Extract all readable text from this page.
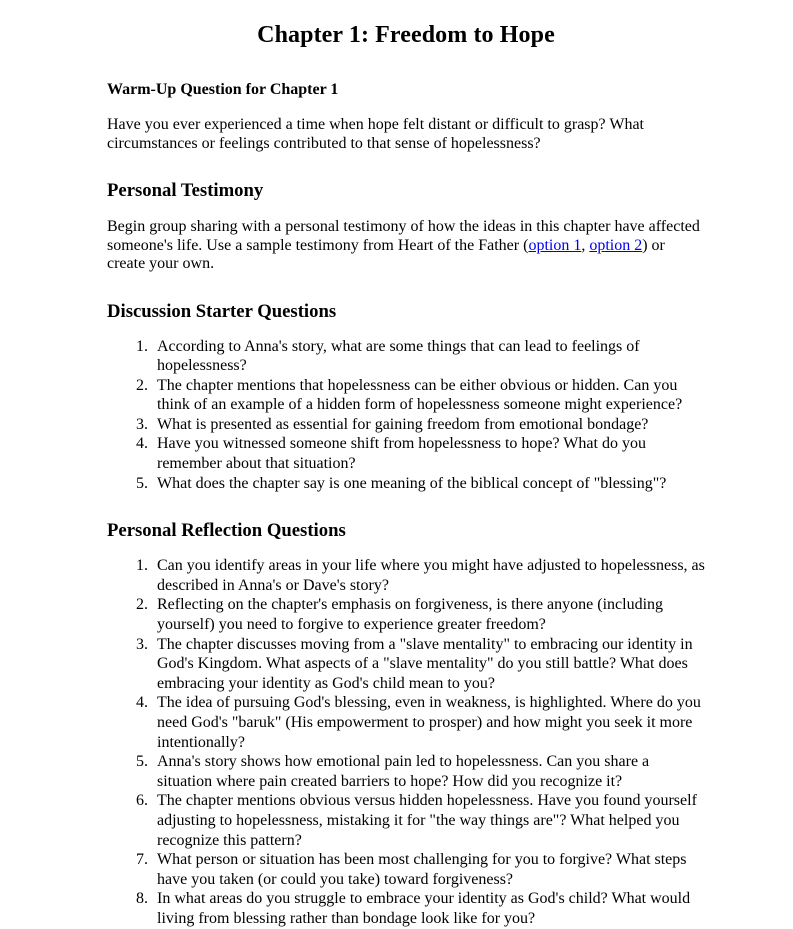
Chapter 1: Freedom to Hope
Warm-Up Question for Chapter 1

Have you ever experienced a time when hope felt distant or difficult to grasp? What circumstances or feelings contributed to that sense of hopelessness?

Personal Testimony

Begin group sharing with a personal testimony of how the ideas in this chapter have affected someone's life. Use a sample testimony from Heart of the Father (option 1, option 2) or create your own.

Discussion Starter Questions
1. According to Anna's story, what are some things that can lead to feelings of hopelessness?
2. The chapter mentions that hopelessness can be either obvious or hidden. Can you think of an example of a hidden form of hopelessness someone might experience?
3. What is presented as essential for gaining freedom from emotional bondage?
4. Have you witnessed someone shift from hopelessness to hope? What do you remember about that situation?
5. What does the chapter say is one meaning of the biblical concept of "blessing"?
Personal Reflection Questions
1. Can you identify areas in your life where you might have adjusted to hopelessness, as described in Anna's or Dave's story?
2. Reflecting on the chapter's emphasis on forgiveness, is there anyone (including yourself) you need to forgive to experience greater freedom?
3. The chapter discusses moving from a "slave mentality" to embracing our identity in God's Kingdom. What aspects of a "slave mentality" do you still battle? What does embracing your identity as God's child mean to you?
4. The idea of pursuing God's blessing, even in weakness, is highlighted. Where do you need God's "baruk" (His empowerment to prosper) and how might you seek it more intentionally?
5. Anna's story shows how emotional pain led to hopelessness. Can you share a situation where pain created barriers to hope? How did you recognize it?
6. The chapter mentions obvious versus hidden hopelessness. Have you found yourself adjusting to hopelessness, mistaking it for "the way things are"? What helped you recognize this pattern?
7. What person or situation has been most challenging for you to forgive? What steps have you taken (or could you take) toward forgiveness?
8. In what areas do you struggle to embrace your identity as God's child? What would living from blessing rather than bondage look like for you?
